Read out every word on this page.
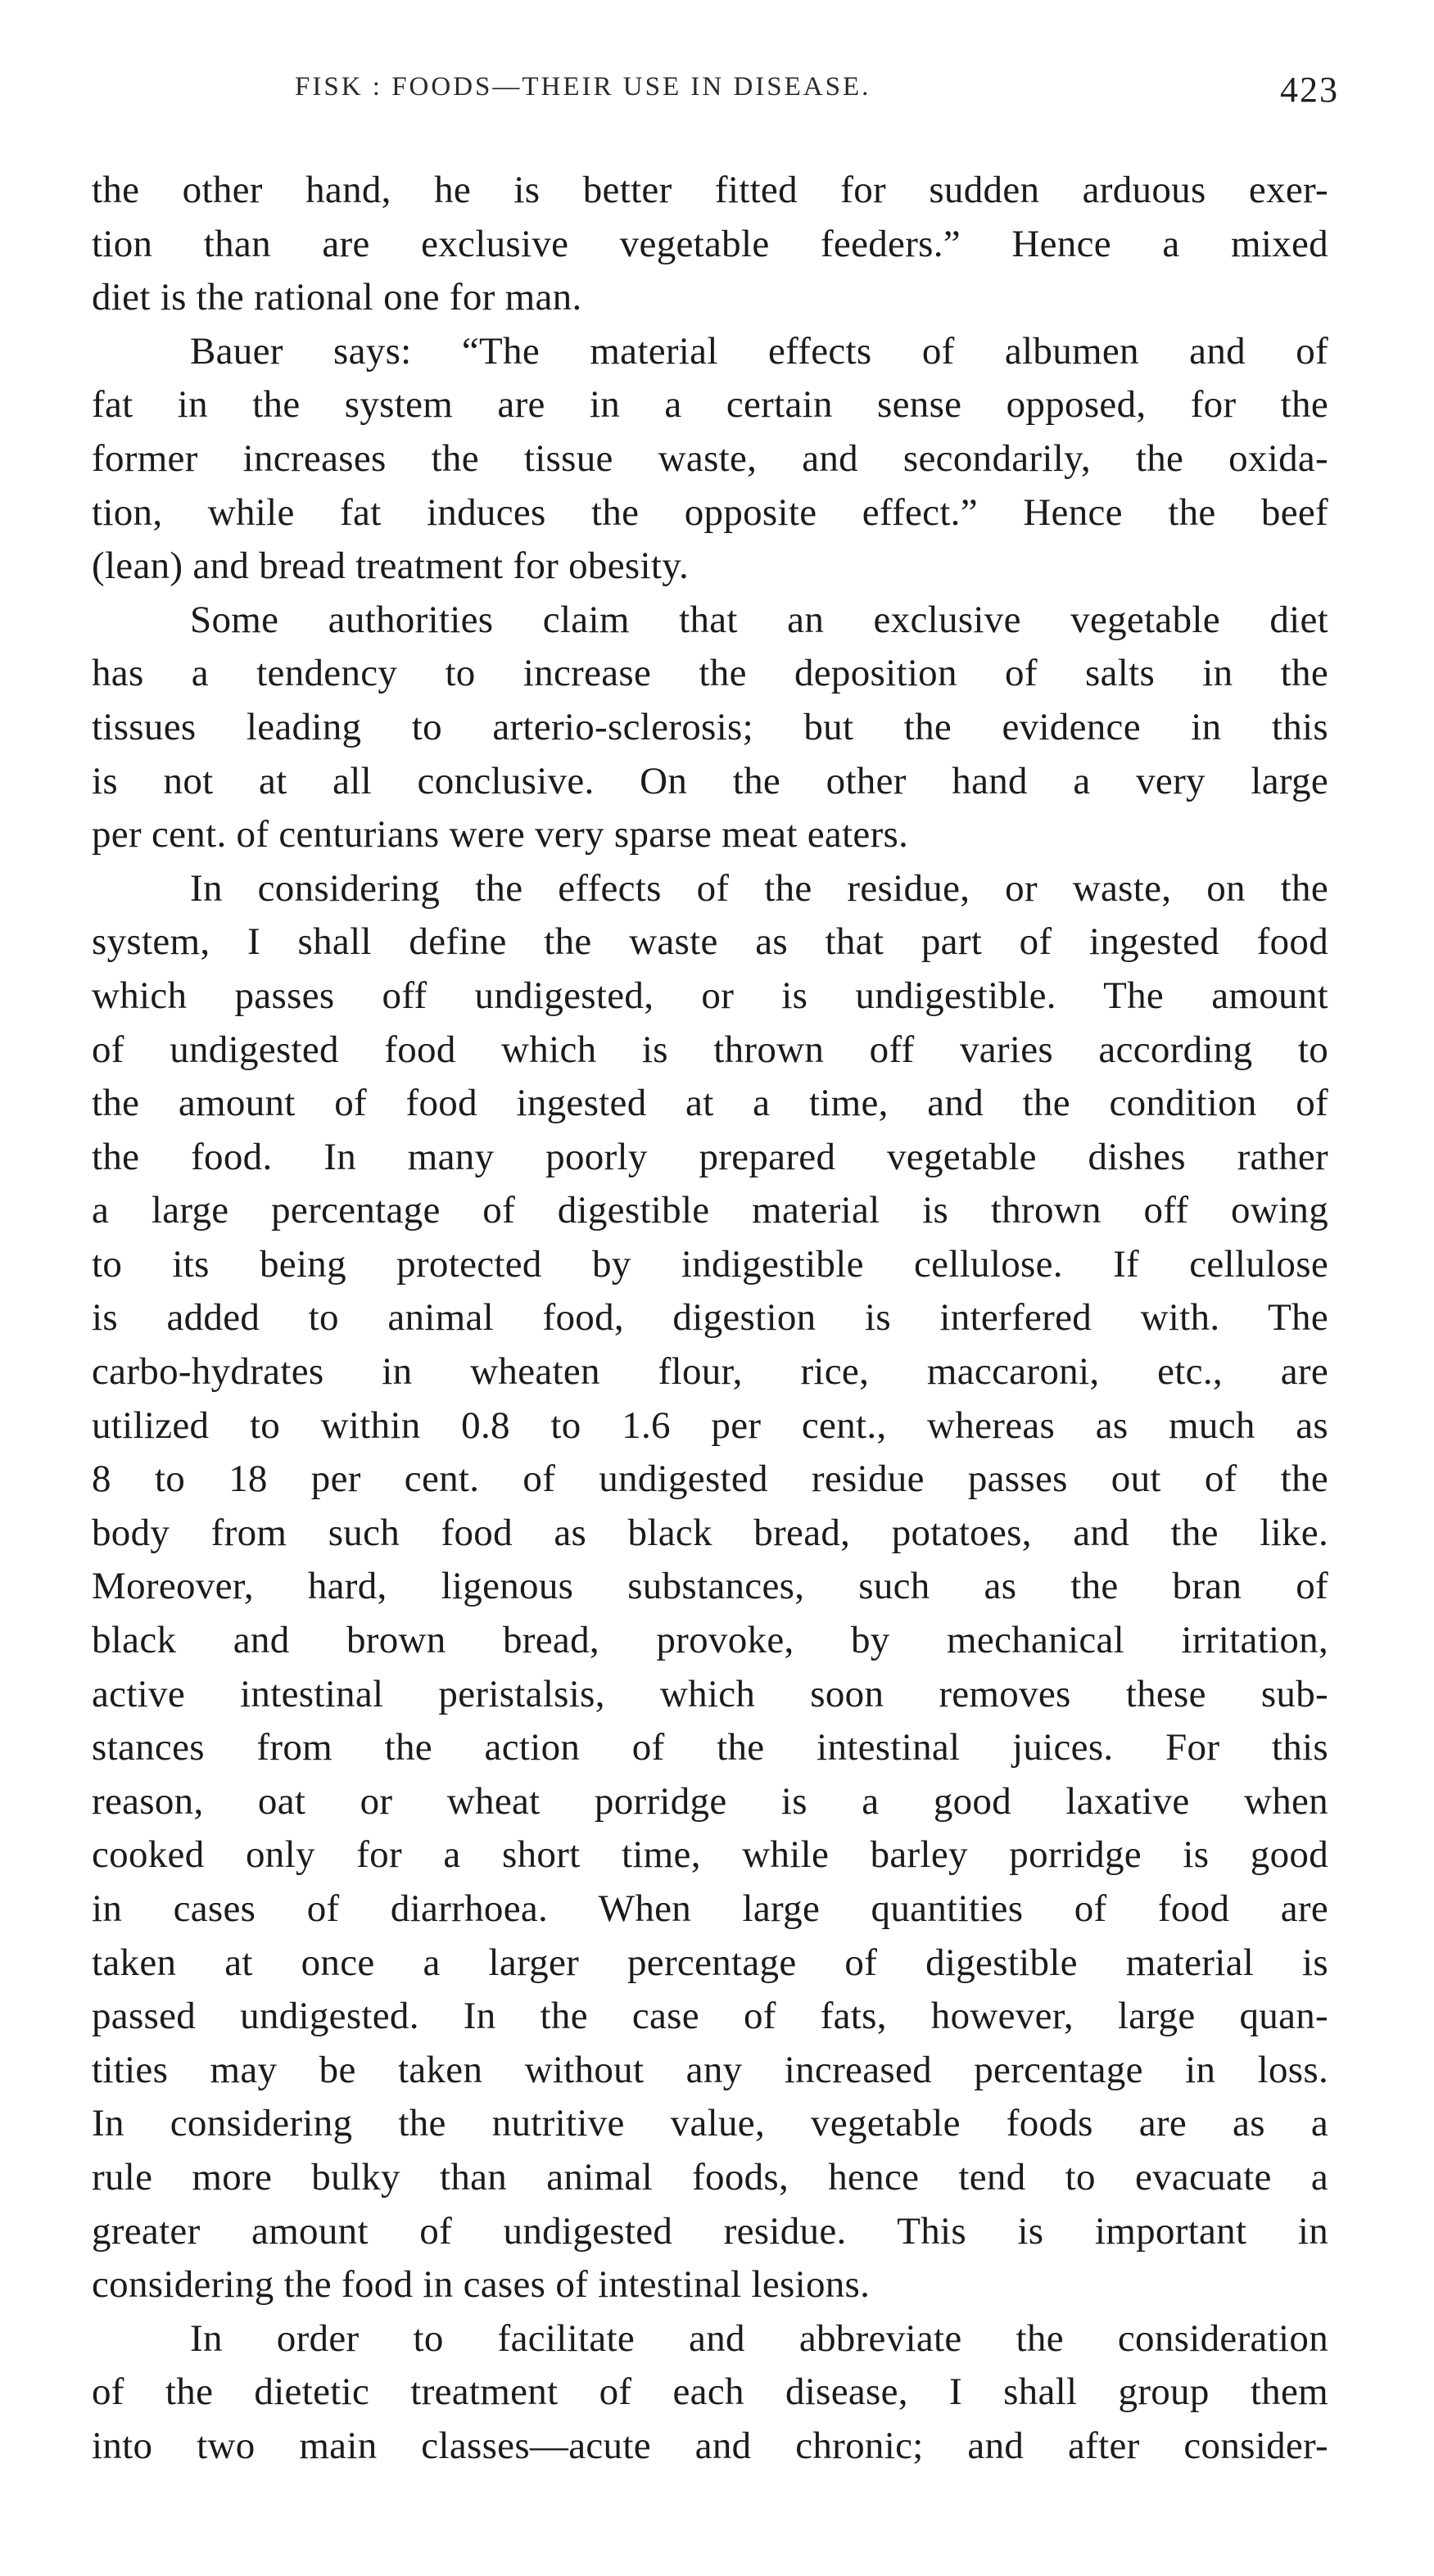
FISK : FOODS—THEIR USE IN DISEASE.	423
the other hand, he is better fitted for sudden arduous exer-
tion than are exclusive vegetable feeders.” Hence a mixed
diet is the rational one for man.
Bauer says: “The material effects of albumen and of
fat in the system are in a certain sense opposed, for the
former increases the tissue waste, and secondarily, the oxida-
tion, while fat induces the opposite effect.” Hence the beef
(lean) and bread treatment for obesity.
Some authorities claim that an exclusive vegetable diet
has a tendency to increase the deposition of salts in the
tissues leading to arterio-sclerosis; but the evidence in this
is not at all conclusive. On the other hand a very large
per cent. of centurians were very sparse meat eaters.
In considering the effects of the residue, or waste, on the
system, I shall define the waste as that part of ingested food
which passes off undigested, or is undigestible. The amount
of undigested food which is thrown off varies according to
the amount of food ingested at a time, and the condition of
the food. In many poorly prepared vegetable dishes rather
a large percentage of digestible material is thrown off owing
to its being protected by indigestible cellulose. If cellulose
is added to animal food, digestion is interfered with. The
carbo-hydrates in wheaten flour, rice, maccaroni, etc., are
utilized to within 0.8 to 1.6 per cent., whereas as much as
8 to 18 per cent. of undigested residue passes out of the
body from such food as black bread, potatoes, and the like.
Moreover, hard, ligenous substances, such as the bran of
black and brown bread, provoke, by mechanical irritation,
active intestinal peristalsis, which soon removes these sub-
stances from the action of the intestinal juices. For this
reason, oat or wheat porridge is a good laxative when
cooked only for a short time, while barley porridge is good
in cases of diarrhoea. When large quantities of food are
taken at once a larger percentage of digestible material is
passed undigested. In the case of fats, however, large quan-
tities may be taken without any increased percentage in loss.
In considering the nutritive value, vegetable foods are as a
rule more bulky than animal foods, hence tend to evacuate a
greater amount of undigested residue. This is important in
considering the food in cases of intestinal lesions.
In order to facilitate and abbreviate the consideration
of the dietetic treatment of each disease, I shall group them
into two main classes—acute and chronic; and after consider-
